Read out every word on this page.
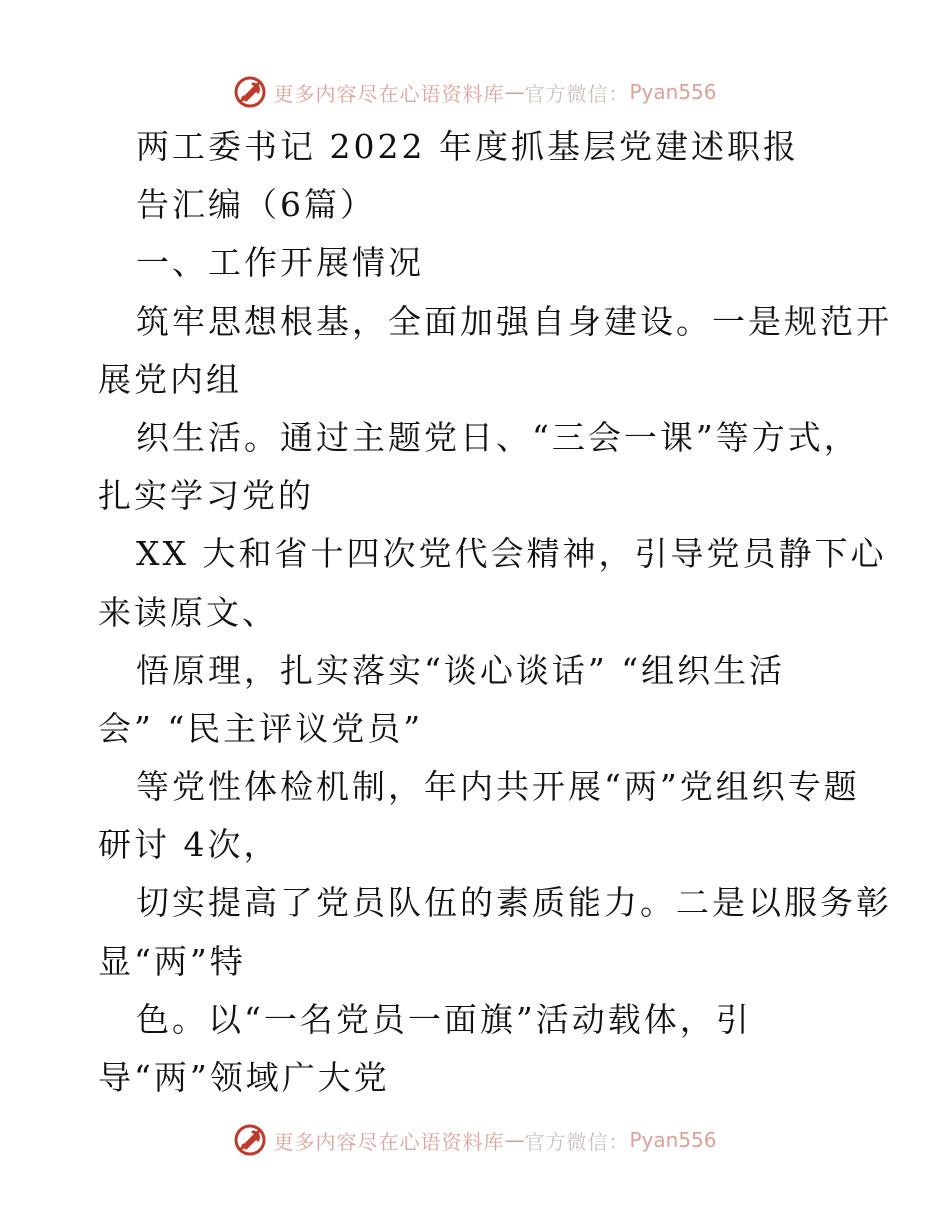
更多内容尽在心语资料库 — 官方微信： Pyan556
两工委书记 2022 年度抓基层党建述职报
告汇编（6篇）
一、工作开展情况
筑牢思想根基，全面加强自身建设。一是规范开
展党内组
织生活。通过主题党日、“三会一课”等方式，
扎实学习党的
XX 大和省十四次党代会精神，引导党员静下心
来读原文、
悟原理，扎实落实“谈心谈话” “组织生活
会” “民主评议党员”
等党性体检机制，年内共开展“两”党组织专题
研讨 4次，
切实提高了党员队伍的素质能力。二是以服务彰
显“两”特
色。以“一名党员一面旗”活动载体，引
导“两”领域广大党
更多内容尽在心语资料库 — 官方微信： Pyan556
